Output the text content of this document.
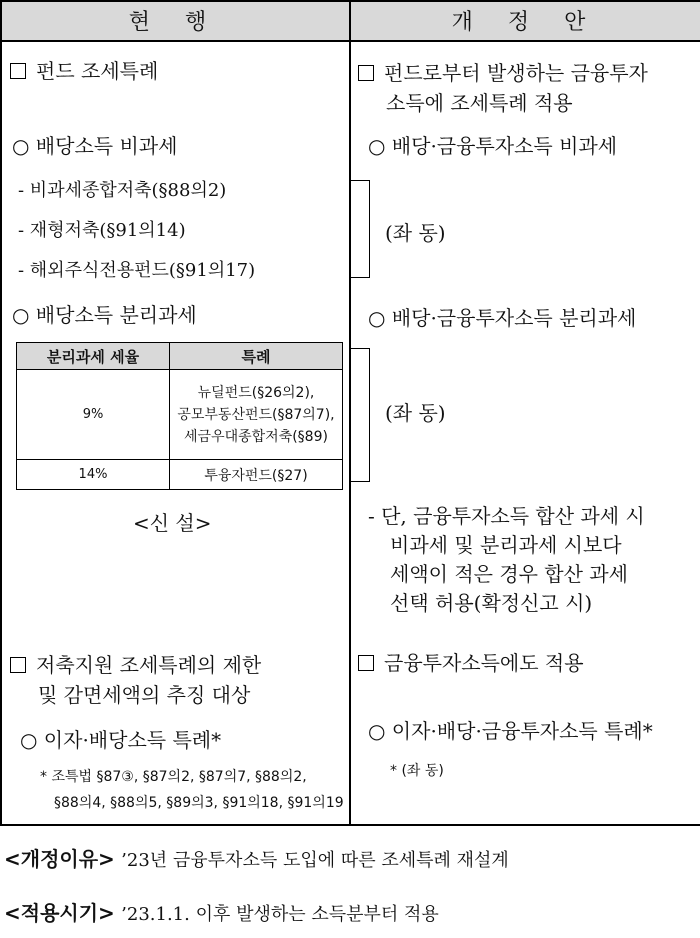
현 행	개 정 안
펀드 조세특례
○ 배당소득 비과세
- 비과세종합저축(§88의2)
- 재형저축(§91의14)
- 해외주식전용펀드(§91의17)
○ 배당소득 분리과세
분리과세 세율	특례
9%	뉴딜펀드(§26의2),
공모부동산펀드(§87의7),
세금우대종합저축(§89)

14%	투융자펀드(§27)
<신 설>
저축지원 조세특례의 제한
및 감면세액의 추징 대상
○ 이자·배당소득 특례*
* 조특법 §87③, §87의2, §87의7, §88의2,
§88의4, §88의5, §89의3, §91의18, §91의19
펀드로부터 발생하는 금융투자
소득에 조세특례 적용
○ 배당·금융투자소득 비과세
(좌 동)
○ 배당·금융투자소득 분리과세
(좌 동)
- 단, 금융투자소득 합산 과세 시
비과세 및 분리과세 시보다
세액이 적은 경우 합산 과세
선택 허용(확정신고 시)
금융투자소득에도 적용
○ 이자·배당·금융투자소득 특례*
* (좌 동)
<개정이유> ’23년 금융투자소득 도입에 따른 조세특례 재설계
<적용시기> ’23.1.1. 이후 발생하는 소득분부터 적용
